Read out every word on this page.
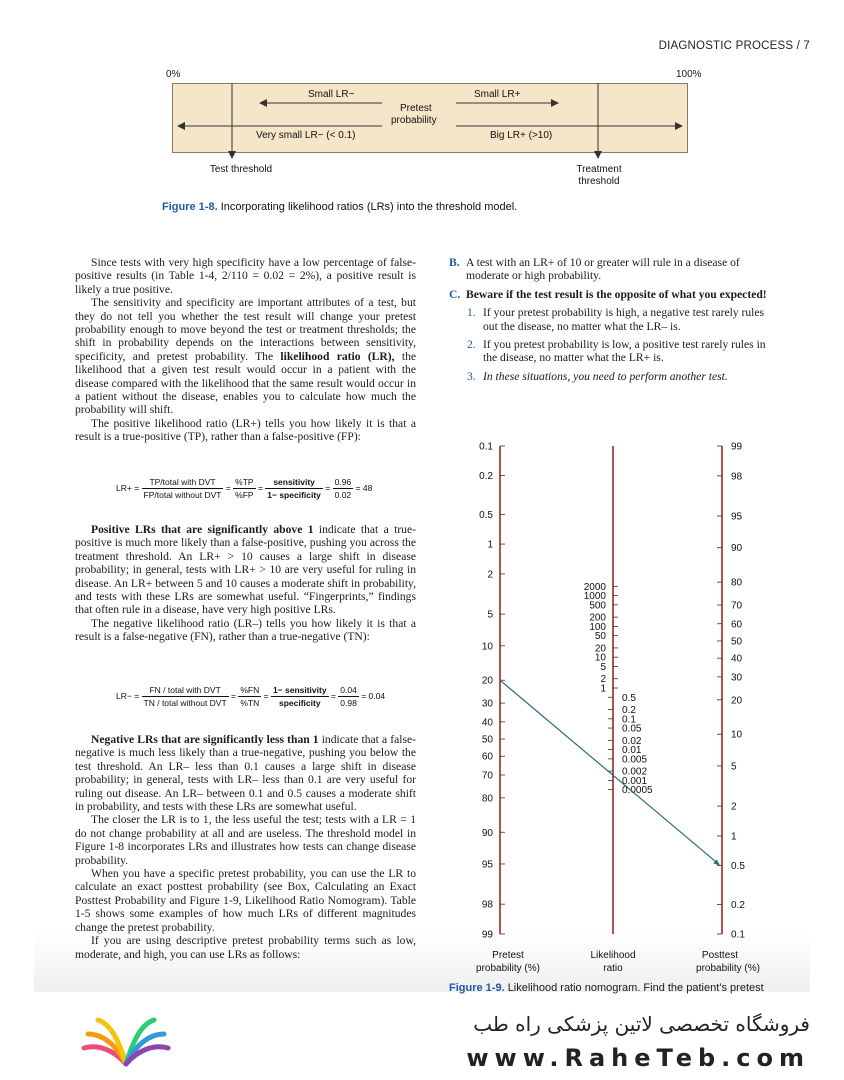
DIAGNOSTIC PROCESS / 7
0%	100%
Small LR−	Small LR+
Pretest
probability
Very small LR− (< 0.1)	Big LR+ (>10)
Test threshold	Treatment
threshold
Figure 1-8. Incorporating likelihood ratios (LRs) into the threshold model.

Since tests with very high specificity have a low percentage of false-positive results (in Table 1-4, 2/110 = 0.02 = 2%), a positive result is likely a true positive.

The sensitivity and specificity are important attributes of a test, but they do not tell you whether the test result will change your pretest probability enough to move beyond the test or treatment thresholds; the shift in probability depends on the interactions between sensitivity, specificity, and pretest probability. The likelihood ratio (LR), the likelihood that a given test result would occur in a patient with the disease compared with the likelihood that the same result would occur in a patient without the disease, enables you to calculate how much the probability will shift.

The positive likelihood ratio (LR+) tells you how likely it is that a result is a true-positive (TP), rather than a false-positive (FP):

$LR+ = \frac{\text{TP/total with DVT}}{\text{FP/total without DVT}} = \frac{\%TP}{\%FP} = \frac{\text{sensitivity}}{\text{1− specificity}} = \frac{0.96}{0.02} = 48$

Positive LRs that are significantly above 1 indicate that a true-positive is much more likely than a false-positive, pushing you across the treatment threshold. An LR+ > 10 causes a large shift in disease probability; in general, tests with LR+ > 10 are very useful for ruling in disease. An LR+ between 5 and 10 causes a moderate shift in probability, and tests with these LRs are somewhat useful. “Fingerprints,” findings that often rule in a disease, have very high positive LRs.

The negative likelihood ratio (LR–) tells you how likely it is that a result is a false-negative (FN), rather than a true-negative (TN):

$LR- = \frac{\text{FN / total with DVT}}{\text{TN / total without DVT}} = \frac{\%FN}{\%TN} = \frac{\text{1− sensitivity}}{\text{specificity}} = \frac{0.04}{0.98} = 0.04$

Negative LRs that are significantly less than 1 indicate that a false-negative is much less likely than a true-negative, pushing you below the test threshold. An LR– less than 0.1 causes a large shift in disease probability; in general, tests with LR– less than 0.1 are very useful for ruling out disease. An LR– between 0.1 and 0.5 causes a moderate shift in probability, and tests with these LRs are somewhat useful.

The closer the LR is to 1, the less useful the test; tests with a LR = 1 do not change probability at all and are useless. The threshold model in Figure 1-8 incorporates LRs and illustrates how tests can change disease probability.

When you have a specific pretest probability, you can use the LR to calculate an exact posttest probability (see Box, Calculating an Exact Posttest Probability and Figure 1-9, Likelihood Ratio Nomogram). Table 1-5 shows some examples of how much LRs of different magnitudes change the pretest probability.

If you are using descriptive pretest probability terms such as low, moderate, and high, you can use LRs as follows:

B. A test with an LR+ of 10 or greater will rule in a disease of moderate or high probability.
C. Beware if the test result is the opposite of what you expected!
1. If your pretest probability is high, a negative test rarely rules out the disease, no matter what the LR– is.
2. If you pretest probability is low, a positive test rarely rules in the disease, no matter what the LR+ is.
3. In these situations, you need to perform another test.
0.1
0.2
0.5
1
2
5
10
20
30
40
50
60
70
80
90
95
98
99
2000
1000
500
200
100
50
20
10
5
2
1
0.5
0.2
0.1
0.05
0.02
0.01
0.005
0.002
0.001
0.0005
99
98
95
90
80
70
60
50
40
30
20
10
5
2
1
0.5
0.2
0.1
Pretest
probability (%)
Likelihood
ratio
Posttest
probability (%)
Figure 1-9. Likelihood ratio nomogram. Find the patient’s pretest
فروشگاه تخصصی لاتین پزشکی راه طب
www.RaheTeb.com
